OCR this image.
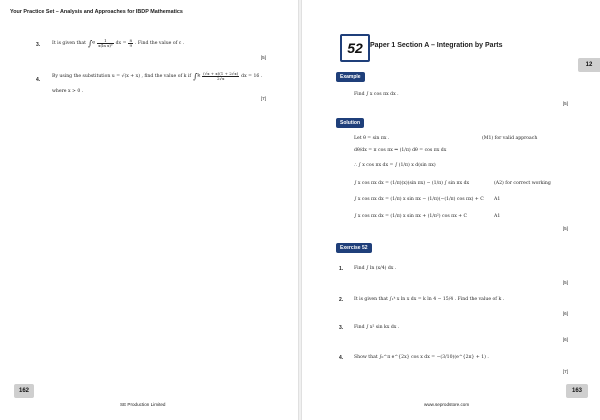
Your Practice Set – Analysis and Approaches for IBDP Mathematics
3.	It is given that ∫ᵉ $\frac{1}{\text{x(ln x)²}}$ dx = $\frac{8}{9}$ . Find the value of c .
[5]
4.
By using the substitution u = √(x + x) , find the value of k if ∫ᵏ $\frac{(√x + x)(1 + 2√x)}{2√x}$ dx = 16 .
where x > 0 .
[7]
162
SE Production Limited
52	Paper 1 Section A – Integration by Parts
12
Example
Find ∫ x cos πx dx .
[5]
Solution
Let θ = sin πx .	(M1) for valid approach
dθ/dx = π cos πx ⇒ (1/π) dθ = cos πx dx
∴ ∫ x cos πx dx = ∫ (1/π) x d(sin πx)
∫ x cos πx dx = (1/π)(x)(sin πx) − (1/π) ∫ sin πx dx	(A2) for correct working
∫ x cos πx dx = (1/π) x sin πx − (1/π)(−(1/π) cos πx) + C A1
∫ x cos πx dx = (1/π) x sin πx + (1/π²) cos πx + C	A1
[5]
Exercise 52
1. Find ∫ ln (x/4) dx .
[5]
2. It is given that ∫₁ᵏ x ln x dx = k ln 4 − 15/4 . Find the value of k .
[6]
3. Find ∫ x² sin kx dx .
[6]
4. Show that ∫₀^π e^{2x} cos x dx = −(3/10)(e^{2π} + 1) .
[7]
www.seprodstore.com
163
